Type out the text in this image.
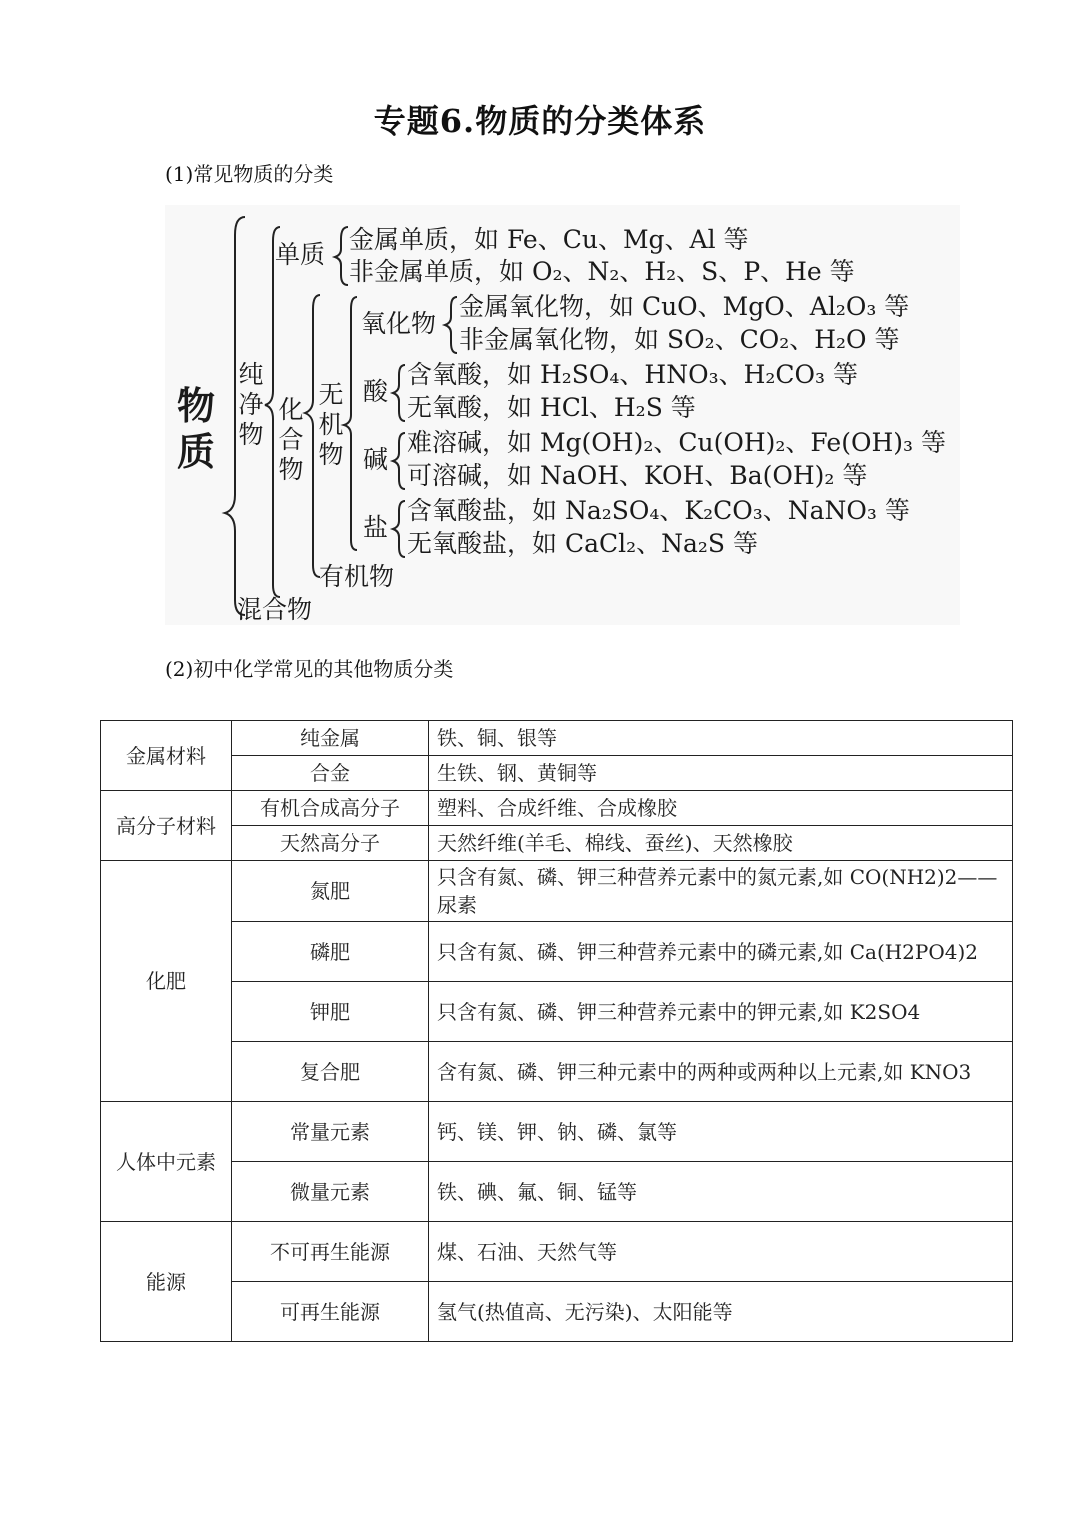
专题6.物质的分类体系
(1)常见物质的分类
物质
纯净物
混合物
单质
化合物
无机物
有机物
金属单质，如 Fe、Cu、Mg、Al 等
非金属单质，如 O₂、N₂、H₂、S、P、He 等
氧化物
金属氧化物，如 CuO、MgO、Al₂O₃ 等
非金属氧化物，如 SO₂、CO₂、H₂O 等
酸
含氧酸，如 H₂SO₄、HNO₃、H₂CO₃ 等
无氧酸，如 HCl、H₂S 等
碱
难溶碱，如 Mg(OH)₂、Cu(OH)₂、Fe(OH)₃ 等
可溶碱，如 NaOH、KOH、Ba(OH)₂ 等
盐
含氧酸盐，如 Na₂SO₄、K₂CO₃、NaNO₃ 等
无氧酸盐，如 CaCl₂、Na₂S 等
(2)初中化学常见的其他物质分类
金属材料	纯金属	铁、铜、银等
	合金	生铁、钢、黄铜等
高分子材料	有机合成高分子	塑料、合成纤维、合成橡胶
	天然高分子	天然纤维(羊毛、棉线、蚕丝)、天然橡胶
化肥	氮肥	只含有氮、磷、钾三种营养元素中的氮元素,如 CO(NH2)2——尿素
	磷肥	只含有氮、磷、钾三种营养元素中的磷元素,如 Ca(H2PO4)2
	钾肥	只含有氮、磷、钾三种营养元素中的钾元素,如 K2SO4
	复合肥	含有氮、磷、钾三种元素中的两种或两种以上元素,如 KNO3
人体中元素	常量元素	钙、镁、钾、钠、磷、氯等
	微量元素	铁、碘、氟、铜、锰等
能源	不可再生能源	煤、石油、天然气等
	可再生能源	氢气(热值高、无污染)、太阳能等
